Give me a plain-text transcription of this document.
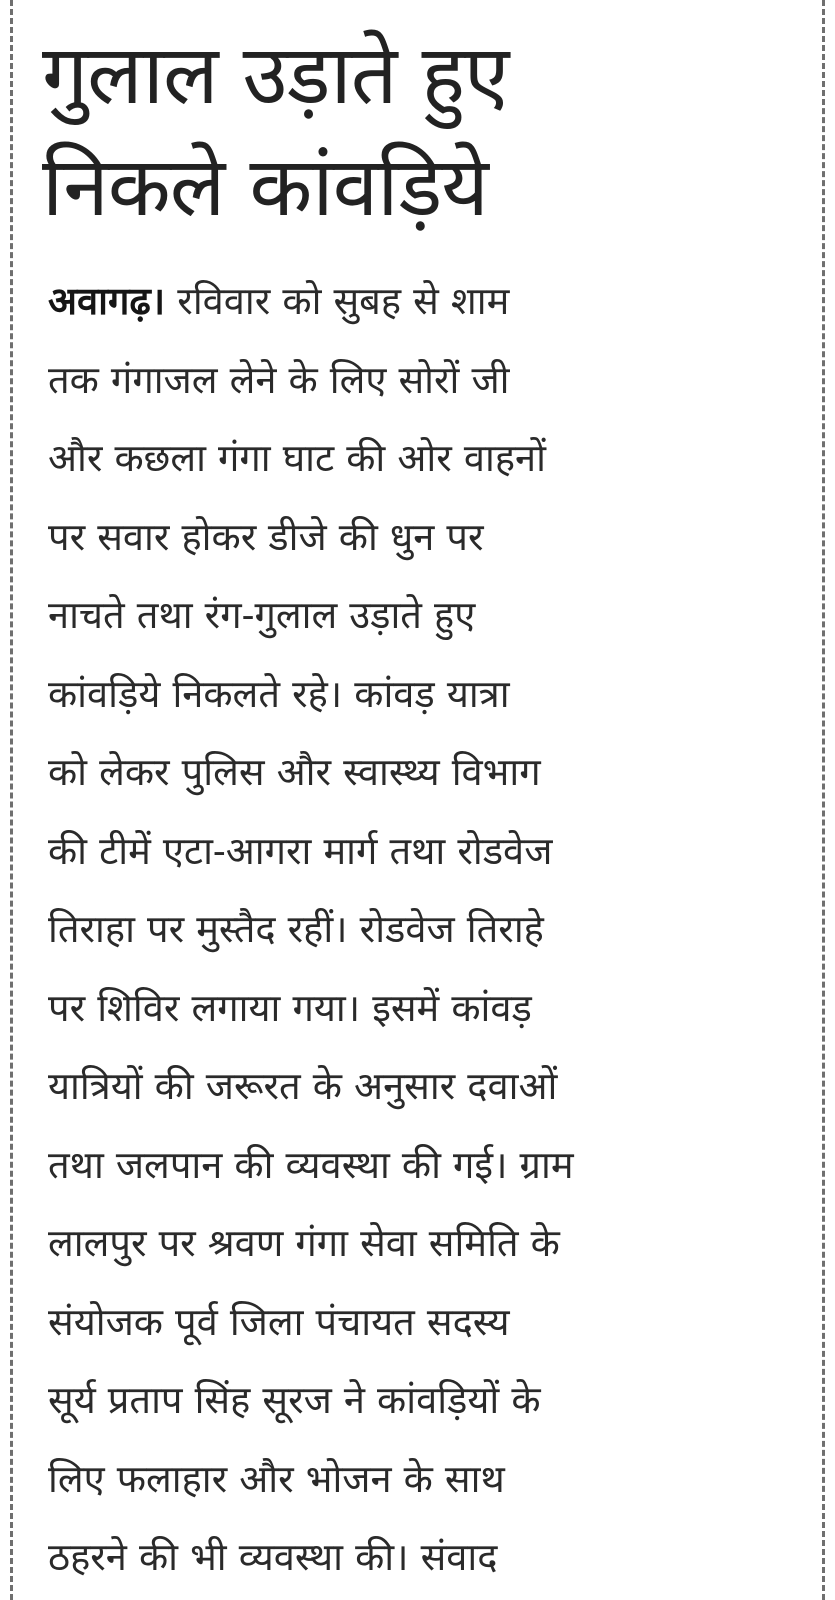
गुलाल उड़ाते हुए
निकले कांवड़िये
अवागढ़। रविवार को सुबह से शाम
तक गंगाजल लेने के लिए सोरों जी
और कछला गंगा घाट की ओर वाहनों
पर सवार होकर डीजे की धुन पर
नाचते तथा रंग-गुलाल उड़ाते हुए
कांवड़िये निकलते रहे। कांवड़ यात्रा
को लेकर पुलिस और स्वास्थ्य विभाग
की टीमें एटा-आगरा मार्ग तथा रोडवेज
तिराहा पर मुस्तैद रहीं। रोडवेज तिराहे
पर शिविर लगाया गया। इसमें कांवड़
यात्रियों की जरूरत के अनुसार दवाओं
तथा जलपान की व्यवस्था की गई। ग्राम
लालपुर पर श्रवण गंगा सेवा समिति के
संयोजक पूर्व जिला पंचायत सदस्य
सूर्य प्रताप सिंह सूरज ने कांवड़ियों के
लिए फलाहार और भोजन के साथ
ठहरने की भी व्यवस्था की। संवाद
